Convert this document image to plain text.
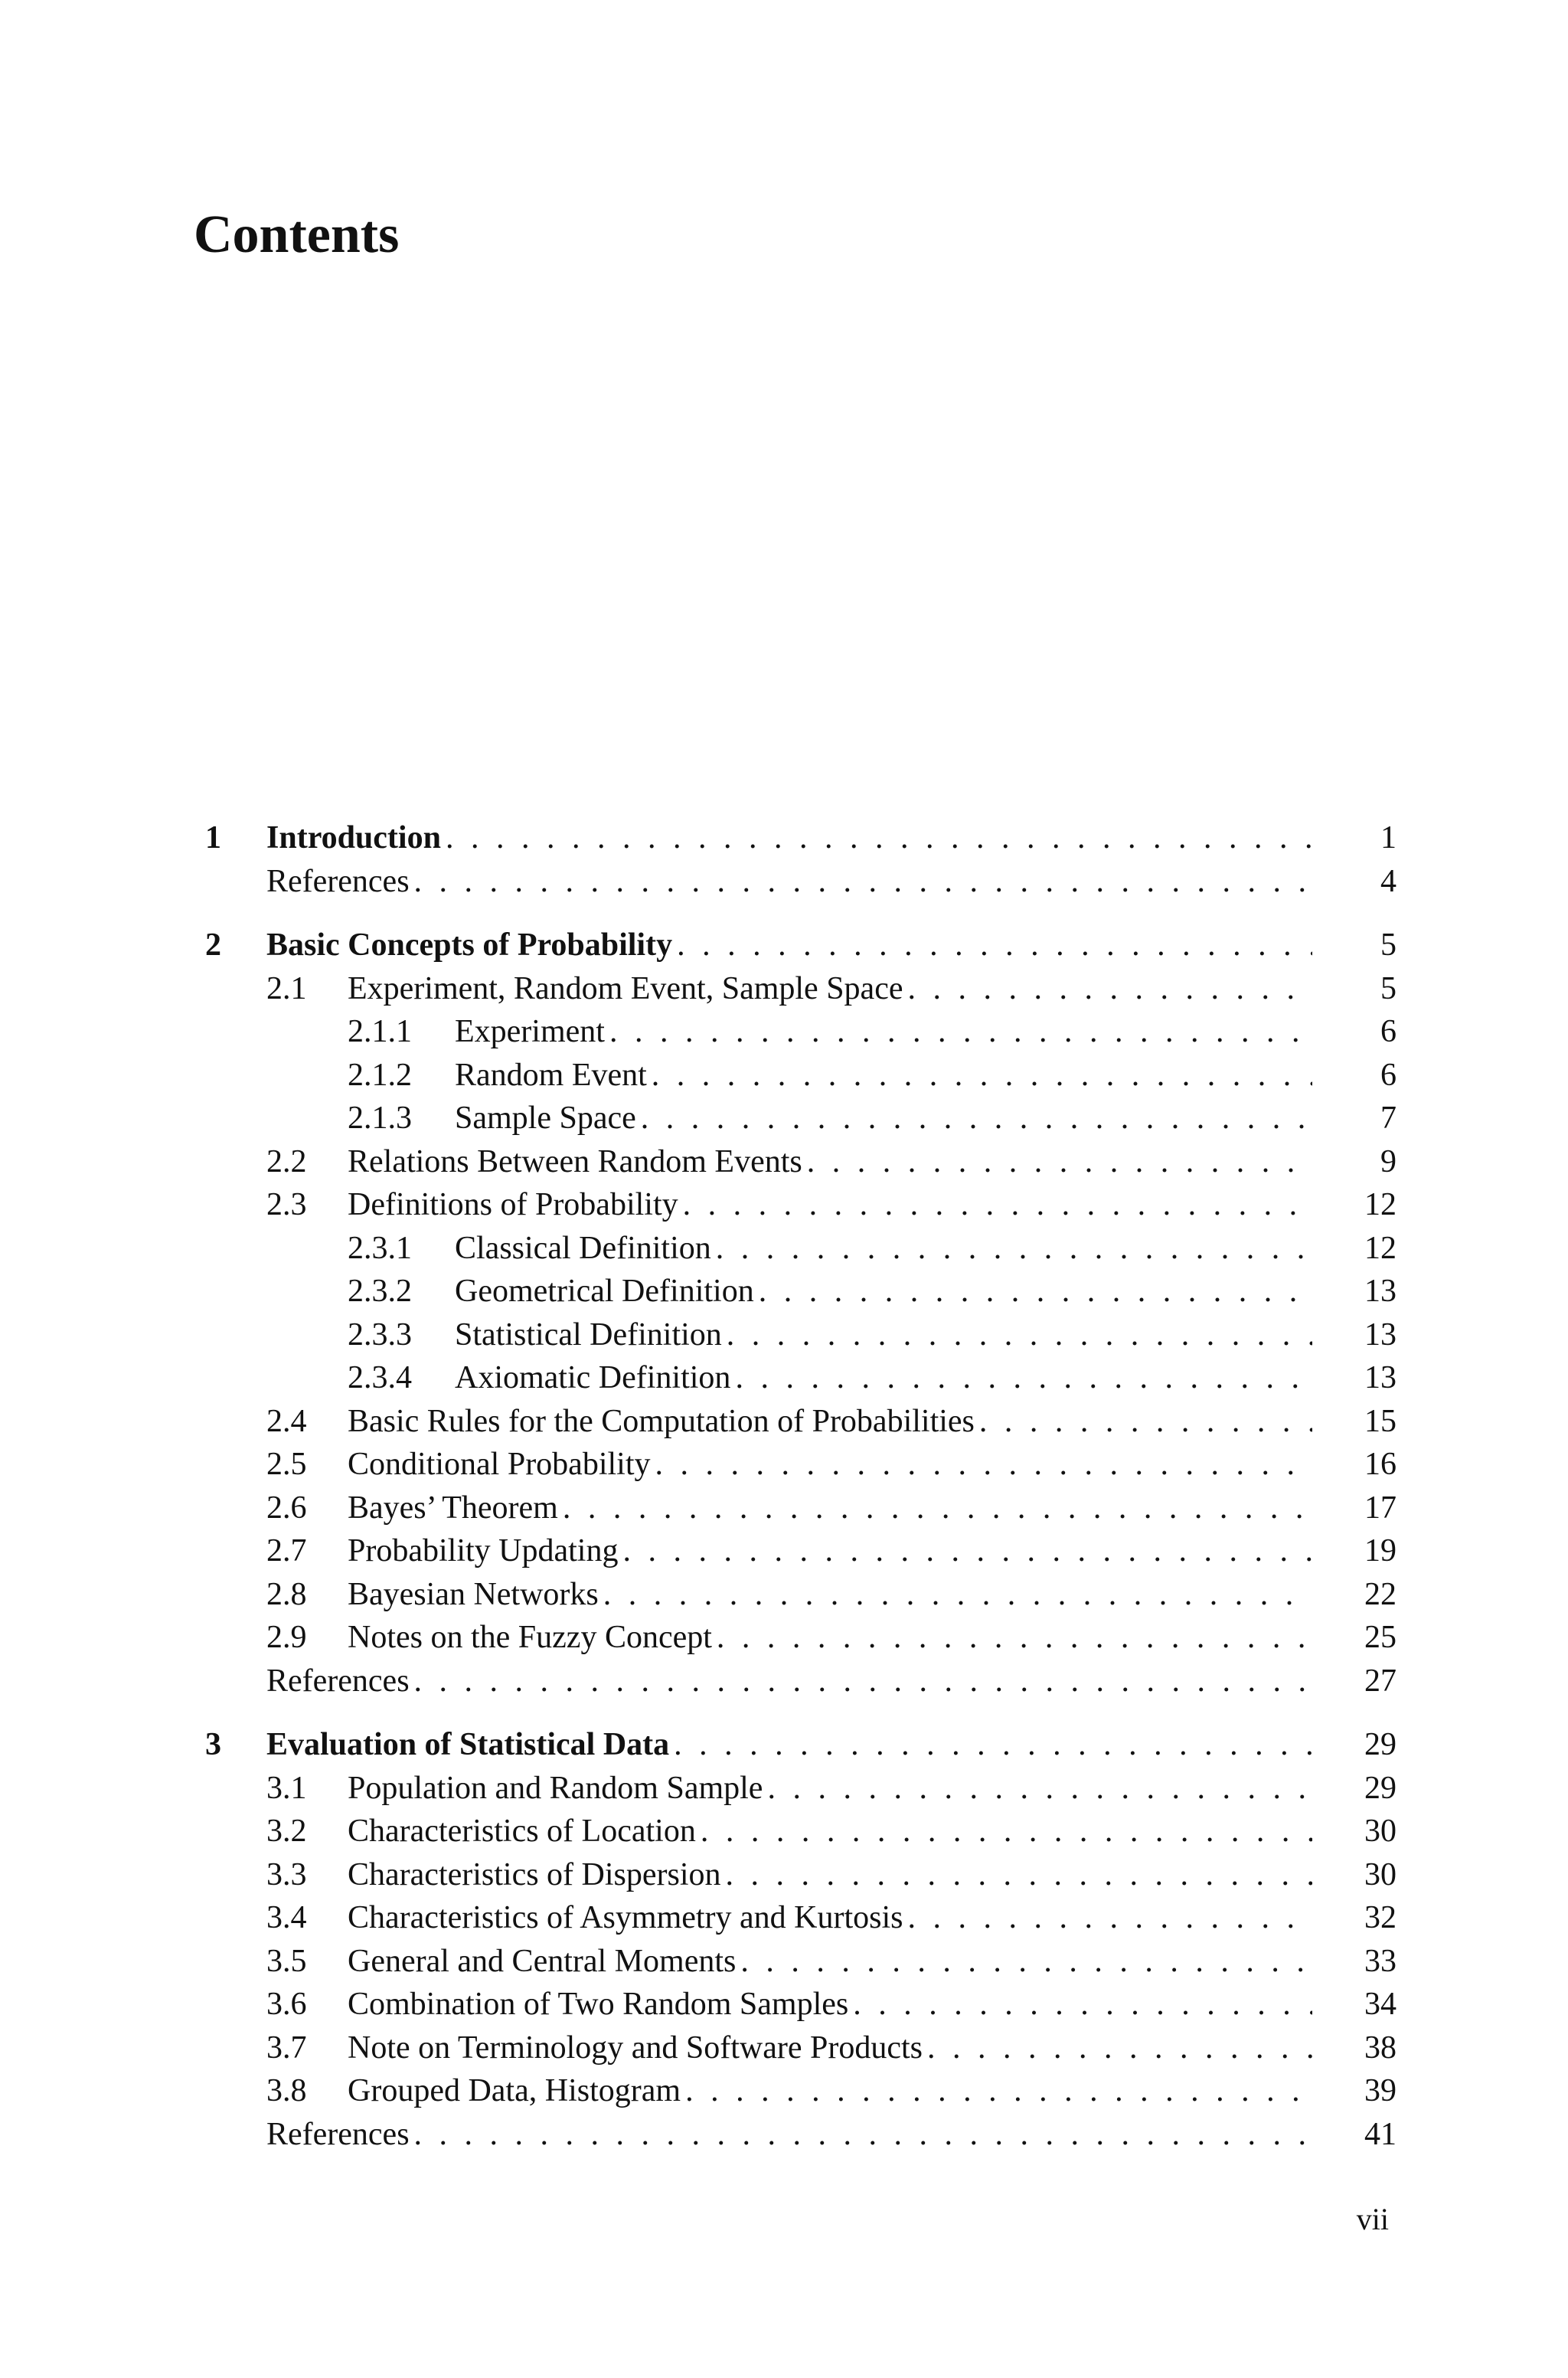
Contents
1	Introduction . . .	1
References . . .	4
2	Basic Concepts of Probability . . .	5
2.1	Experiment, Random Event, Sample Space . . .	5
2.1.1	Experiment . . .	6
2.1.2	Random Event . . .	6
2.1.3	Sample Space . . .	7
2.2	Relations Between Random Events . . .	9
2.3	Definitions of Probability . . .	12
2.3.1	Classical Definition . . .	12
2.3.2	Geometrical Definition . . .	13
2.3.3	Statistical Definition . . .	13
2.3.4	Axiomatic Definition . . .	13
2.4	Basic Rules for the Computation of Probabilities . . .	15
2.5	Conditional Probability . . .	16
2.6	Bayes’ Theorem . . .	17
2.7	Probability Updating . . .	19
2.8	Bayesian Networks . . .	22
2.9	Notes on the Fuzzy Concept . . .	25
References . . .	27
3	Evaluation of Statistical Data . . .	29
3.1	Population and Random Sample . . .	29
3.2	Characteristics of Location . . .	30
3.3	Characteristics of Dispersion . . .	30
3.4	Characteristics of Asymmetry and Kurtosis . . .	32
3.5	General and Central Moments . . .	33
3.6	Combination of Two Random Samples . . .	34
3.7	Note on Terminology and Software Products . . .	38
3.8	Grouped Data, Histogram . . .	39
References . . .	41
vii
